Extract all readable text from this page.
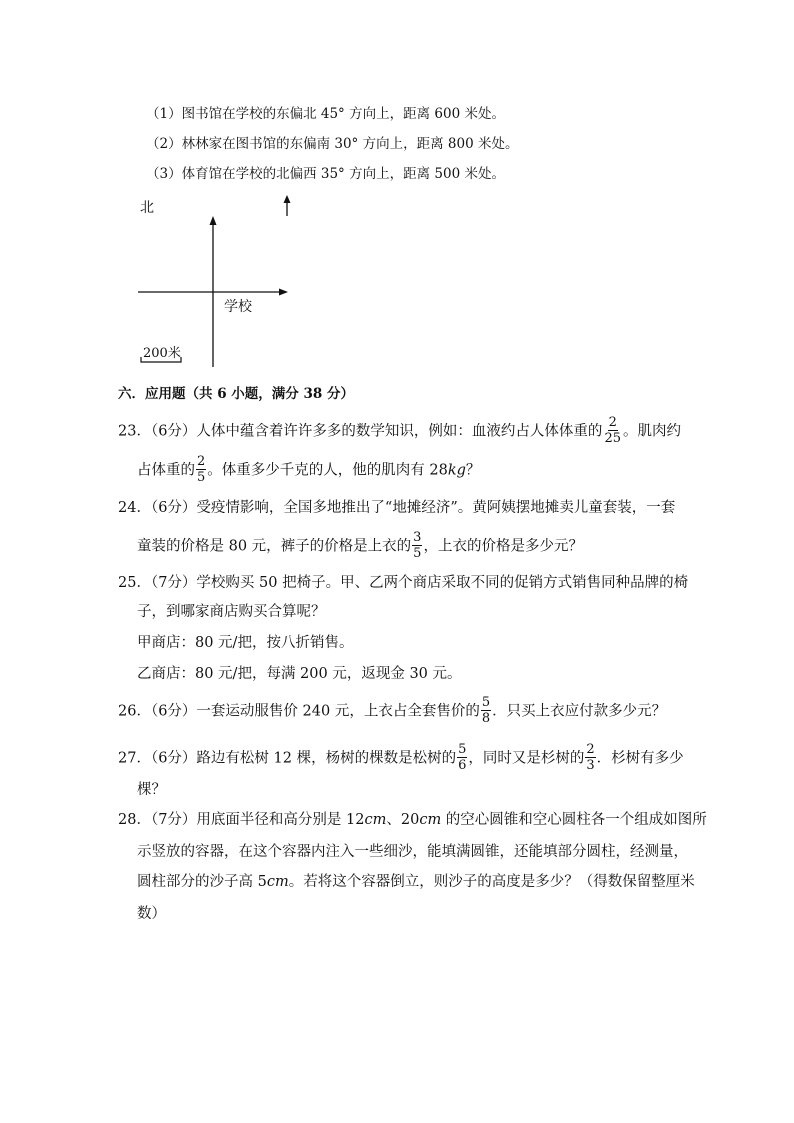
（1）图书馆在学校的东偏北 45° 方向上，距离 600 米处。
（2）林林家在图书馆的东偏南 30° 方向上，距离 800 米处。
（3）体育馆在学校的北偏西 35° 方向上，距离 500 米处。
北
学校
200米
六．应用题（共 6 小题，满分 38 分）
23．（6分）人体中蕴含着许许多多的数学知识，例如：血液约占人体体重的 $\frac{2}{25}$ 。肌肉约
占体重的 $\frac{2}{5}$ 。体重多少千克的人，他的肌肉有 28kg？
24．（6分）受疫情影响，全国多地推出了“地摊经济”。黄阿姨摆地摊卖儿童套装，一套
童装的价格是 80 元，裤子的价格是上衣的 $\frac{3}{5}$ ，上衣的价格是多少元？
25．（7分）学校购买 50 把椅子。甲、乙两个商店采取不同的促销方式销售同种品牌的椅
子，到哪家商店购买合算呢？
甲商店：80 元/把，按八折销售。
乙商店：80 元/把，每满 200 元，返现金 30 元。
26．（6分）一套运动服售价 240 元，上衣占全套售价的 $\frac{5}{8}$ ．只买上衣应付款多少元？
27．（6分）路边有松树 12 棵，杨树的棵数是松树的 $\frac{5}{6}$ ，同时又是杉树的 $\frac{2}{3}$ ．杉树有多少
棵？
28．（7分）用底面半径和高分别是 12cm、20cm 的空心圆锥和空心圆柱各一个组成如图所
示竖放的容器，在这个容器内注入一些细沙，能填满圆锥，还能填部分圆柱，经测量，
圆柱部分的沙子高 5cm。若将这个容器倒立，则沙子的高度是多少？（得数保留整厘米
数）
